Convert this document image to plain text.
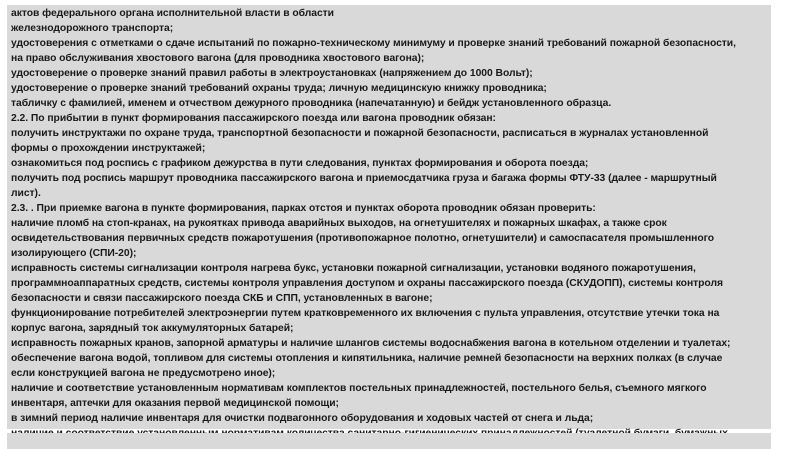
актов федерального органа исполнительной власти в области
железнодорожного транспорта;
удостоверения с отметками о сдаче испытаний по пожарно-техническому минимуму и проверке знаний требований пожарной безопасности,
на право обслуживания хвостового вагона (для проводника хвостового вагона);
удостоверение о проверке знаний правил работы в электроустановках (напряжением до 1000 Вольт);
удостоверение о проверке знаний требований охраны труда; личную медицинскую книжку проводника;
табличку с фамилией, именем и отчеством дежурного проводника (напечатанную) и бейдж установленного образца.
2.2. По прибытии в пункт формирования пассажирского поезда или вагона проводник обязан:
получить инструктажи по охране труда, транспортной безопасности и пожарной безопасности, расписаться в журналах установленной
формы о прохождении инструктажей;
ознакомиться под роспись с графиком дежурства в пути следования, пунктах формирования и оборота поезда;
получить под роспись маршрут проводника пассажирского вагона и приемосдатчика груза и багажа формы ФТУ-33 (далее - маршрутный
лист).
2.3. . При приемке вагона в пункте формирования, парках отстоя и пунктах оборота проводник обязан проверить:
наличие пломб на стоп-кранах, на рукоятках привода аварийных выходов, на огнетушителях и пожарных шкафах, а также срок
освидетельствования первичных средств пожаротушения (противопожарное полотно, огнетушители) и самоспасателя промышленного
изолирующего (СПИ-20);
исправность системы сигнализации контроля нагрева букс, установки пожарной сигнализации, установки водяного пожаротушения,
программноаппаратных средств, системы контроля управления доступом и охраны пассажирского поезда (СКУДОПП), системы контроля
безопасности и связи пассажирского поезда СКБ и СПП, установленных в вагоне;
функционирование потребителей электроэнергии путем кратковременного их включения с пульта управления, отсутствие утечки тока на
корпус вагона, зарядный ток аккумуляторных батарей;
исправность пожарных кранов, запорной арматуры и наличие шлангов системы водоснабжения вагона в котельном отделении и туалетах;
обеспечение вагона водой, топливом для системы отопления и кипятильника, наличие ремней безопасности на верхних полках (в случае
если конструкцией вагона не предусмотрено иное);
наличие и соответствие установленным нормативам комплектов постельных принадлежностей, постельного белья, съемного мягкого
инвентаря, аптечки для оказания первой медицинской помощи;
в зимний период наличие инвентаря для очистки подвагонного оборудования и ходовых частей от снега и льда;
